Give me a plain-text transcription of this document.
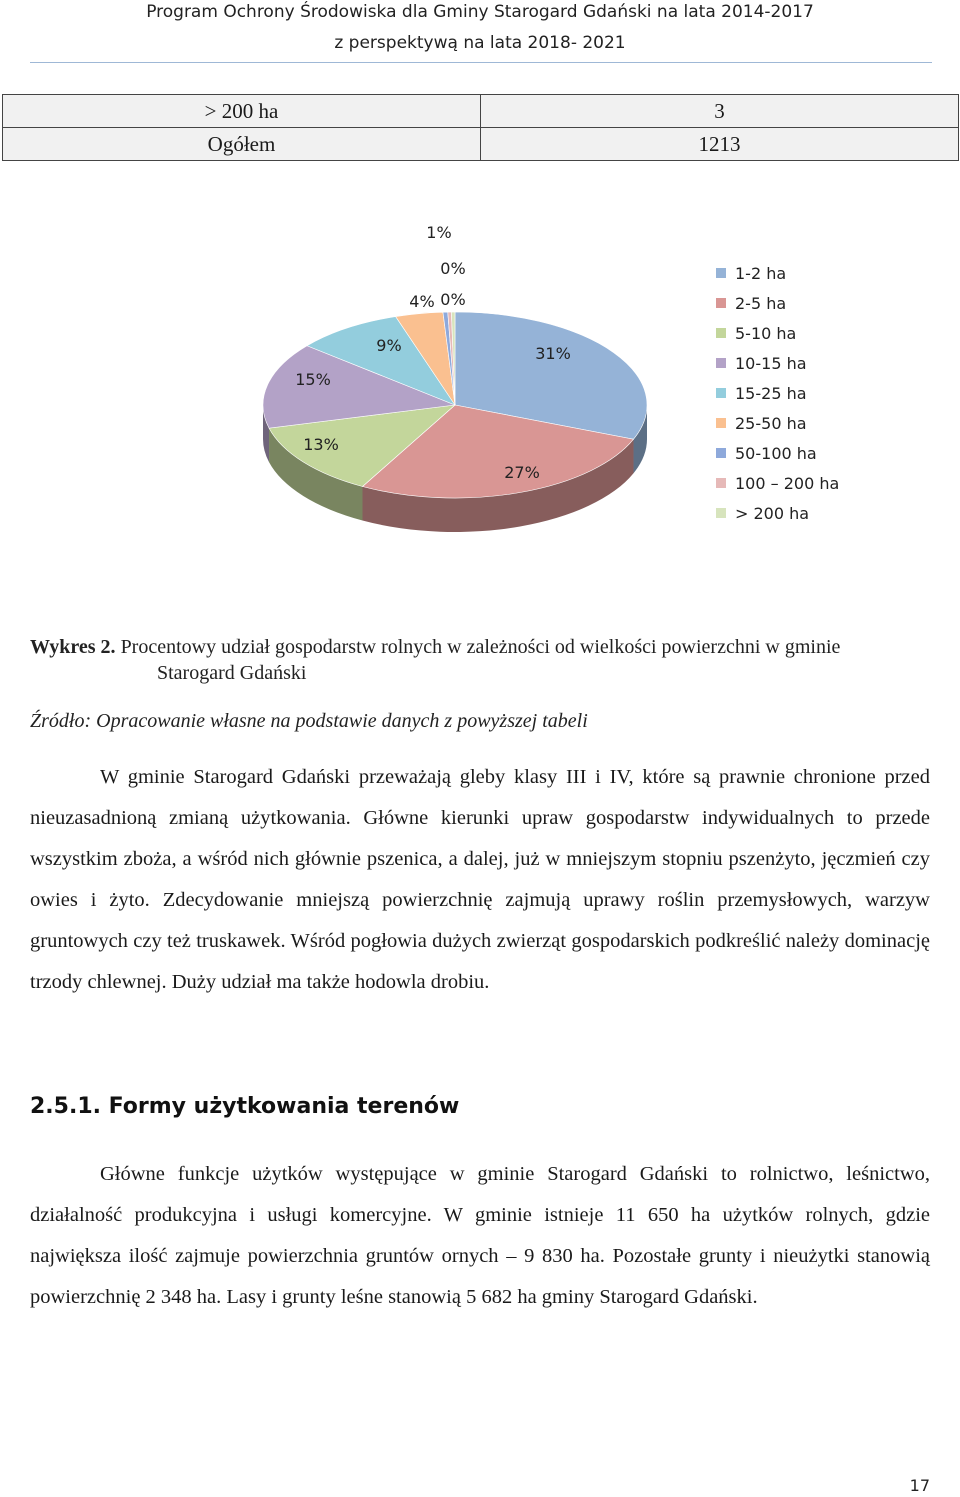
Program Ochrony Środowiska dla Gminy Starogard Gdański na lata 2014-2017
z perspektywą na lata 2018- 2021
> 200 ha	3
Ogółem	1213
31%
27%
13%
15%
9%
4%
0%
0%
1%
1-2 ha
2-5 ha
5-10 ha
10-15 ha
15-25 ha
25-50 ha
50-100 ha
100 – 200 ha
> 200 ha
Wykres 2. Procentowy udział gospodarstw rolnych w zależności od wielkości powierzchni w gminie
Starogard Gdański
Źródło: Opracowanie własne na podstawie danych z powyższej tabeli
W gminie Starogard Gdański przeważają gleby klasy III i IV, które są prawnie chronione przed nieuzasadnioną zmianą użytkowania. Główne kierunki upraw gospodarstw indywidualnych to przede wszystkim zboża, a wśród nich głównie pszenica, a dalej, już w mniejszym stopniu pszenżyto, jęczmień czy owies i żyto. Zdecydowanie mniejszą powierzchnię zajmują uprawy roślin przemysłowych, warzyw gruntowych czy też truskawek. Wśród pogłowia dużych zwierząt gospodarskich podkreślić należy dominację trzody chlewnej. Duży udział ma także hodowla drobiu.
2.5.1. Formy użytkowania terenów
Główne funkcje użytków występujące w gminie Starogard Gdański to rolnictwo, leśnictwo, działalność produkcyjna i usługi komercyjne. W gminie istnieje 11 650 ha użytków rolnych, gdzie największa ilość zajmuje powierzchnia gruntów ornych – 9 830 ha. Pozostałe grunty i nieużytki stanowią powierzchnię 2 348 ha. Lasy i grunty leśne stanowią 5 682 ha gminy Starogard Gdański.
17
